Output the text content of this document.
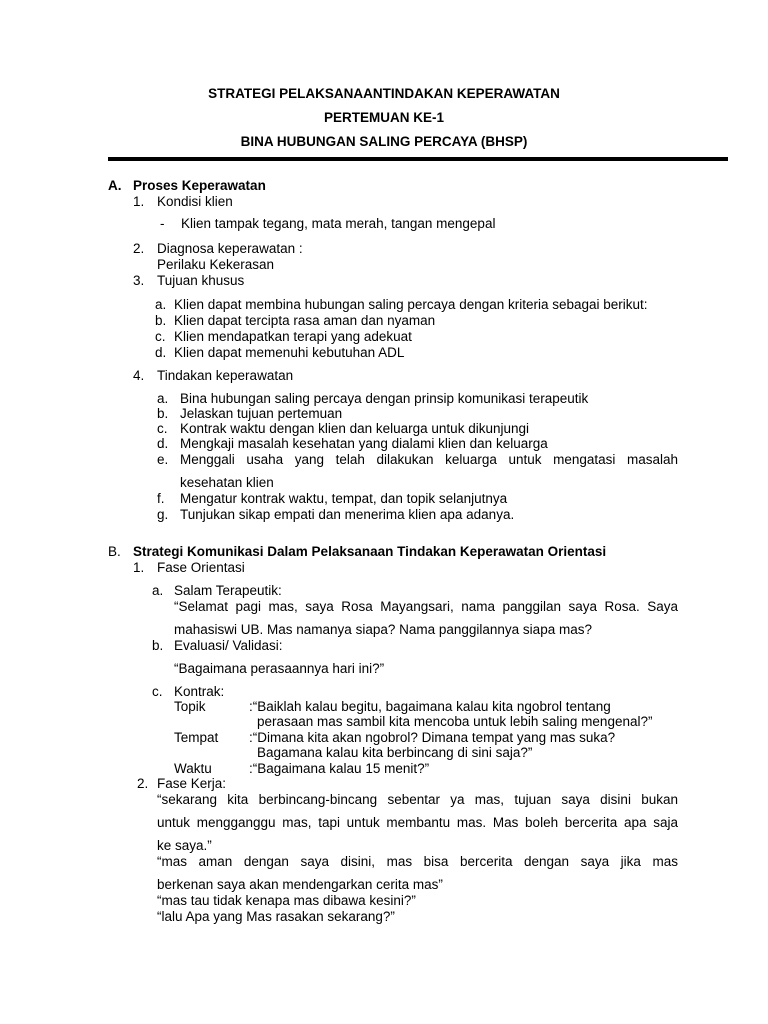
STRATEGI PELAKSANAANTINDAKAN KEPERAWATAN
PERTEMUAN KE-1
BINA HUBUNGAN SALING PERCAYA (BHSP)
A. Proses Keperawatan
1. Kondisi klien
- Klien tampak tegang, mata merah, tangan mengepal
2. Diagnosa keperawatan :
Perilaku Kekerasan
3. Tujuan khusus
a. Klien dapat membina hubungan saling percaya dengan kriteria sebagai berikut:
b. Klien dapat tercipta rasa aman dan nyaman
c. Klien mendapatkan terapi yang adekuat
d. Klien dapat memenuhi kebutuhan ADL
4. Tindakan keperawatan
a. Bina hubungan saling percaya dengan prinsip komunikasi terapeutik
b. Jelaskan tujuan pertemuan
c. Kontrak waktu dengan klien dan keluarga untuk dikunjungi
d. Mengkaji masalah kesehatan yang dialami klien dan keluarga
e. Menggali usaha yang telah dilakukan keluarga untuk mengatasi masalah
kesehatan klien
f. Mengatur kontrak waktu, tempat, dan topik selanjutnya
g. Tunjukan sikap empati dan menerima klien apa adanya.
B. Strategi Komunikasi Dalam Pelaksanaan Tindakan Keperawatan Orientasi
1. Fase Orientasi
a. Salam Terapeutik:
“Selamat pagi mas, saya Rosa Mayangsari, nama panggilan saya Rosa. Saya
mahasiswi UB. Mas namanya siapa? Nama panggilannya siapa mas?
b. Evaluasi/ Validasi:
“Bagaimana perasaannya hari ini?”
c. Kontrak:
Topik	:“Baiklah kalau begitu, bagaimana kalau kita ngobrol tentang
perasaan mas sambil kita mencoba untuk lebih saling mengenal?”
Tempat :“Dimana kita akan ngobrol? Dimana tempat yang mas suka?
Bagamana kalau kita berbincang di sini saja?”
Waktu	:“Bagaimana kalau 15 menit?”
2. Fase Kerja:
“sekarang kita berbincang-bincang sebentar ya mas, tujuan saya disini bukan
untuk mengganggu mas, tapi untuk membantu mas. Mas boleh bercerita apa saja
ke saya.”
“mas aman dengan saya disini, mas bisa bercerita dengan saya jika mas
berkenan saya akan mendengarkan cerita mas”
“mas tau tidak kenapa mas dibawa kesini?”
“lalu Apa yang Mas rasakan sekarang?”
